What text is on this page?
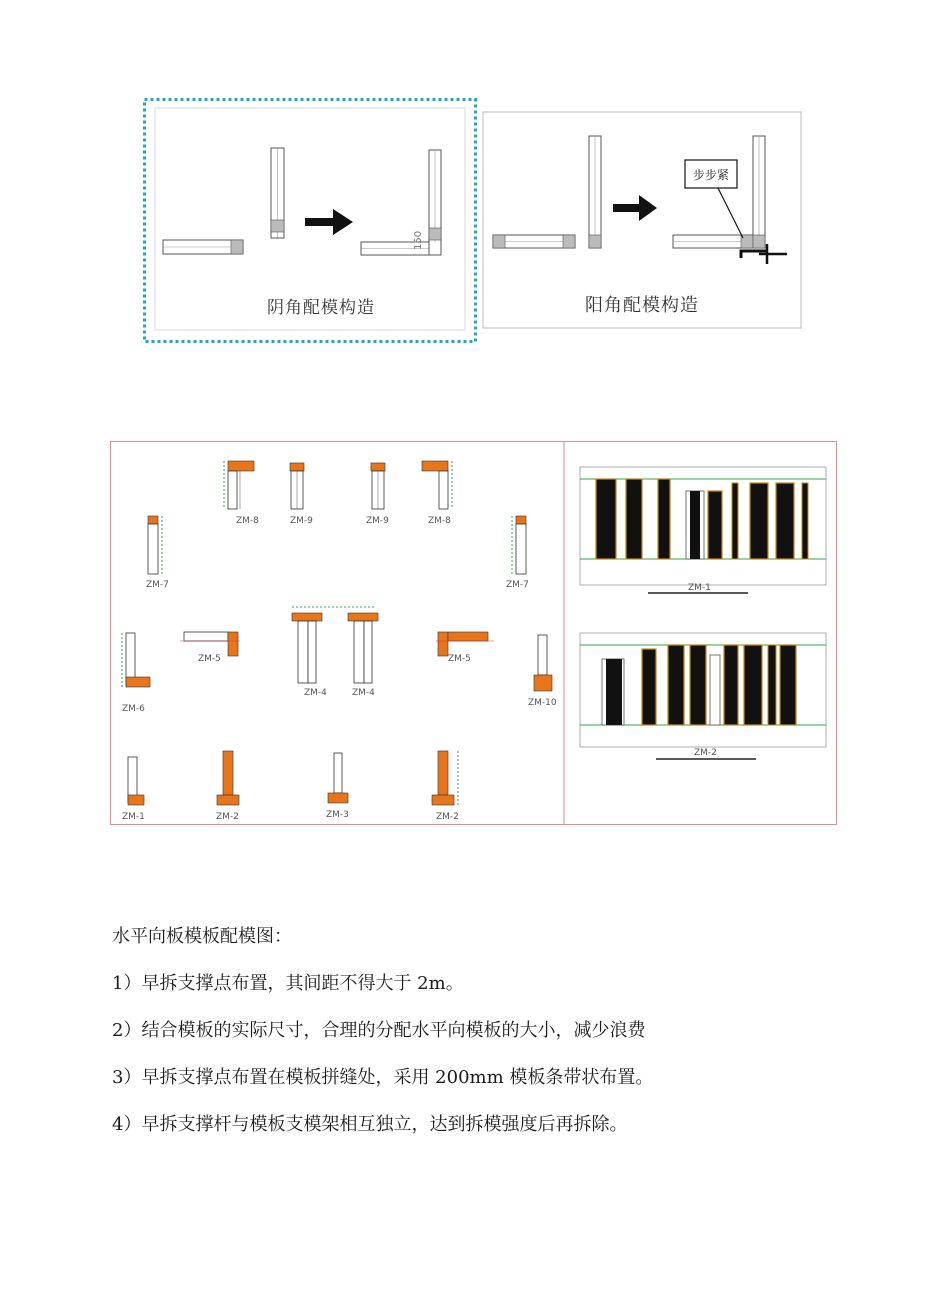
150
步步紧
阴角配模构造	阳角配模构造
ZM-8	ZM-9	ZM-9	ZM-8
ZM-7	ZM-7
ZM-5
ZM-4	ZM-4
ZM-5
ZM-6
ZM-10
ZM-1	ZM-2	ZM-3	ZM-2
ZM-1
ZM-2

水平向板模板配模图：

1）早拆支撑点布置，其间距不得大于 2m。

2）结合模板的实际尺寸，合理的分配水平向模板的大小，减少浪费

3）早拆支撑点布置在模板拼缝处，采用 200mm 模板条带状布置。

4）早拆支撑杆与模板支模架相互独立，达到拆模强度后再拆除。
